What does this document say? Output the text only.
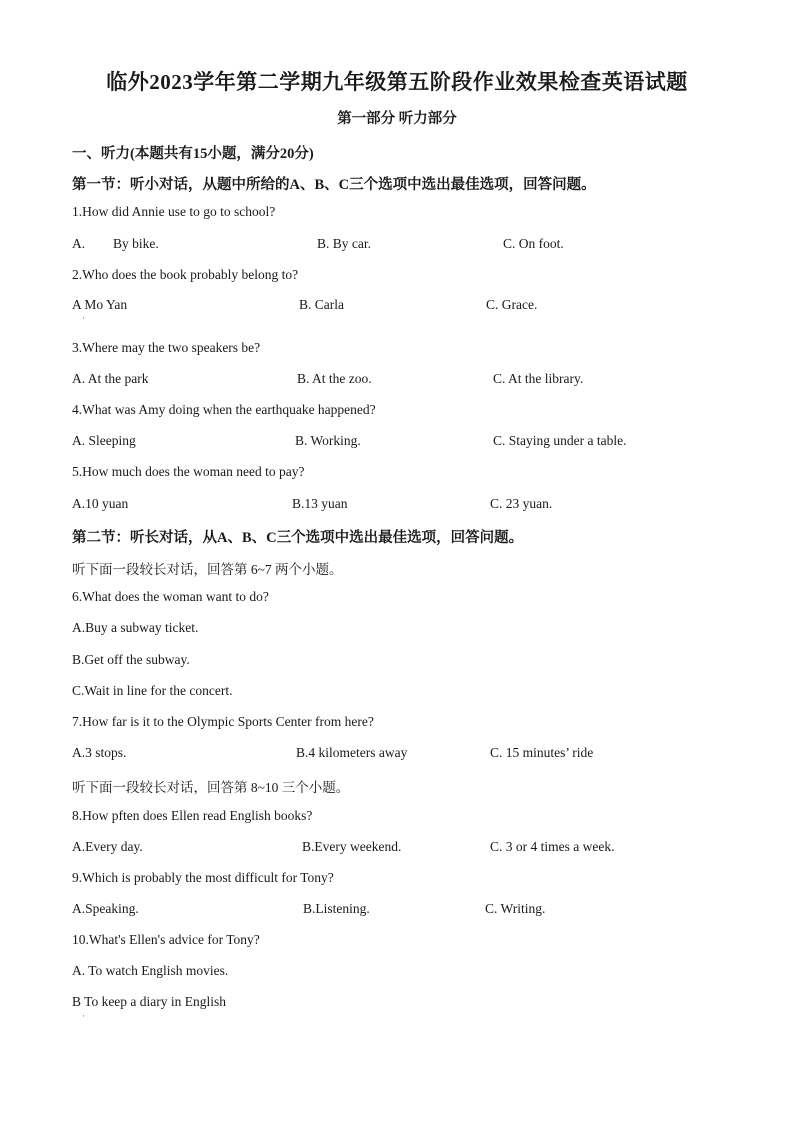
临外2023学年第二学期九年级第五阶段作业效果检查英语试题
第一部分 听力部分
一、听力(本题共有15小题，满分20分)
第一节：听小对话，从题中所给的A、B、C三个选项中选出最佳选项，回答问题。
1.How did Annie use to go to school?
A. By bike.	B. By car.	C. On foot.
2.Who does the book probably belong to?
A Mo Yan
·
B. Carla	C. Grace.
3.Where may the two speakers be?
A. At the park	B. At the zoo.	C. At the library.
4.What was Amy doing when the earthquake happened?
A. Sleeping	B. Working.	C. Staying under a table.
5.How much does the woman need to pay?
A.10 yuan	B.13 yuan	C. 23 yuan.
第二节：听长对话，从A、B、C三个选项中选出最佳选项，回答问题。
听下面一段较长对话，回答第 6~7 两个小题。
6.What does the woman want to do?
A.Buy a subway ticket.
B.Get off the subway.
C.Wait in line for the concert.
7.How far is it to the Olympic Sports Center from here?
A.3 stops.	B.4 kilometers away	C. 15 minutes’ ride
听下面一段较长对话，回答第 8~10 三个小题。
8.How pften does Ellen read English books?
A.Every day.	B.Every weekend.	C. 3 or 4 times a week.
9.Which is probably the most difficult for Tony?
A.Speaking.	B.Listening.	C. Writing.
10.What's Ellen's advice for Tony?
A. To watch English movies.
B To keep a diary in English
·
